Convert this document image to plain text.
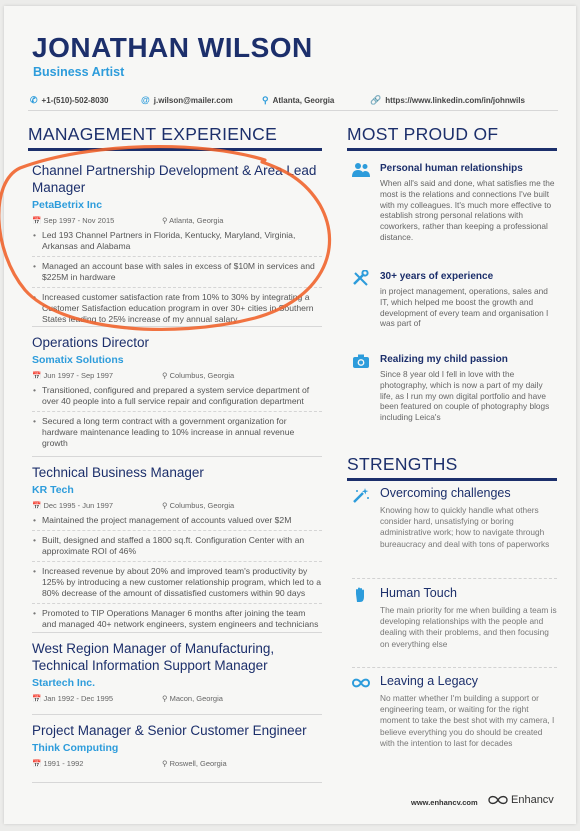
JONATHAN WILSON
Business Artist
✆ +1-(510)-502-8030	@ j.wilson@mailer.com	⚲ Atlanta, Georgia	🔗 https://www.linkedin.com/in/johnwils
MANAGEMENT EXPERIENCE
Channel Partnership Development & Area Lead Manager
PetaBetrix Inc
📅 Sep 1997 - Nov 2015	⚲ Atlanta, Georgia
• Led 193 Channel Partners in Florida, Kentucky, Maryland, Virginia, Arkansas and Alabama
• Managed an account base with sales in excess of $10M in services and $225M in hardware
• Increased customer satisfaction rate from 10% to 30% by integrating a Customer Satisfaction education program in over 30+ cities in Southern States leading to 25% increase of my annual salary
Operations Director
Somatix Solutions
📅 Jun 1997 - Sep 1997	⚲ Columbus, Georgia
• Transitioned, configured and prepared a system service department of over 40 people into a full service repair and configuration department
• Secured a long term contract with a government organization for hardware maintenance leading to 10% increase in annual revenue growth
Technical Business Manager
KR Tech
📅 Dec 1995 - Jun 1997	⚲ Columbus, Georgia
• Maintained the project management of accounts valued over $2M
• Built, designed and staffed a 1800 sq.ft. Configuration Center with an approximate ROI of 46%
• Increased revenue by about 20% and improved team's productivity by 125% by introducing a new customer relationship program, which led to a 80% decrease of the amount of dissatisfied customers within 90 days
• Promoted to TIP Operations Manager 6 months after joining the team and managed 40+ network engineers, system engineers and technicians
West Region Manager of Manufacturing, Technical Information Support Manager
Startech Inc.
📅 Jan 1992 - Dec 1995	⚲ Macon, Georgia
Project Manager & Senior Customer Engineer
Think Computing
📅 1991 - 1992	⚲ Roswell, Georgia
MOST PROUD OF
Personal human relationships
When all's said and done, what satisfies me the most is the relations and connections I've built with my colleagues. It's much more effective to establish strong personal relations with coworkers, rather than keeping a professional distance.
30+ years of experience
in project management, operations, sales and IT, which helped me boost the growth and development of every team and organisation I was part of
Realizing my child passion
Since 8 year old I fell in love with the photography, which is now a part of my daily life, as I run my own digital portfolio and have been featured on couple of photography blogs including Leica's
STRENGTHS
Overcoming challenges
Knowing how to quickly handle what others consider hard, unsatisfying or boring administrative work; how to navigate through bureaucracy and deal with tons of paperworks
Human Touch
The main priority for me when building a team is developing relationships with the people and dealing with their problems, and then focusing on everything else
Leaving a Legacy
No matter whether I'm building a support or engineering team, or waiting for the right moment to take the best shot with my camera, I believe everything you do should be created with the intention to last for decades
www.enhancv.com	Enhancv
